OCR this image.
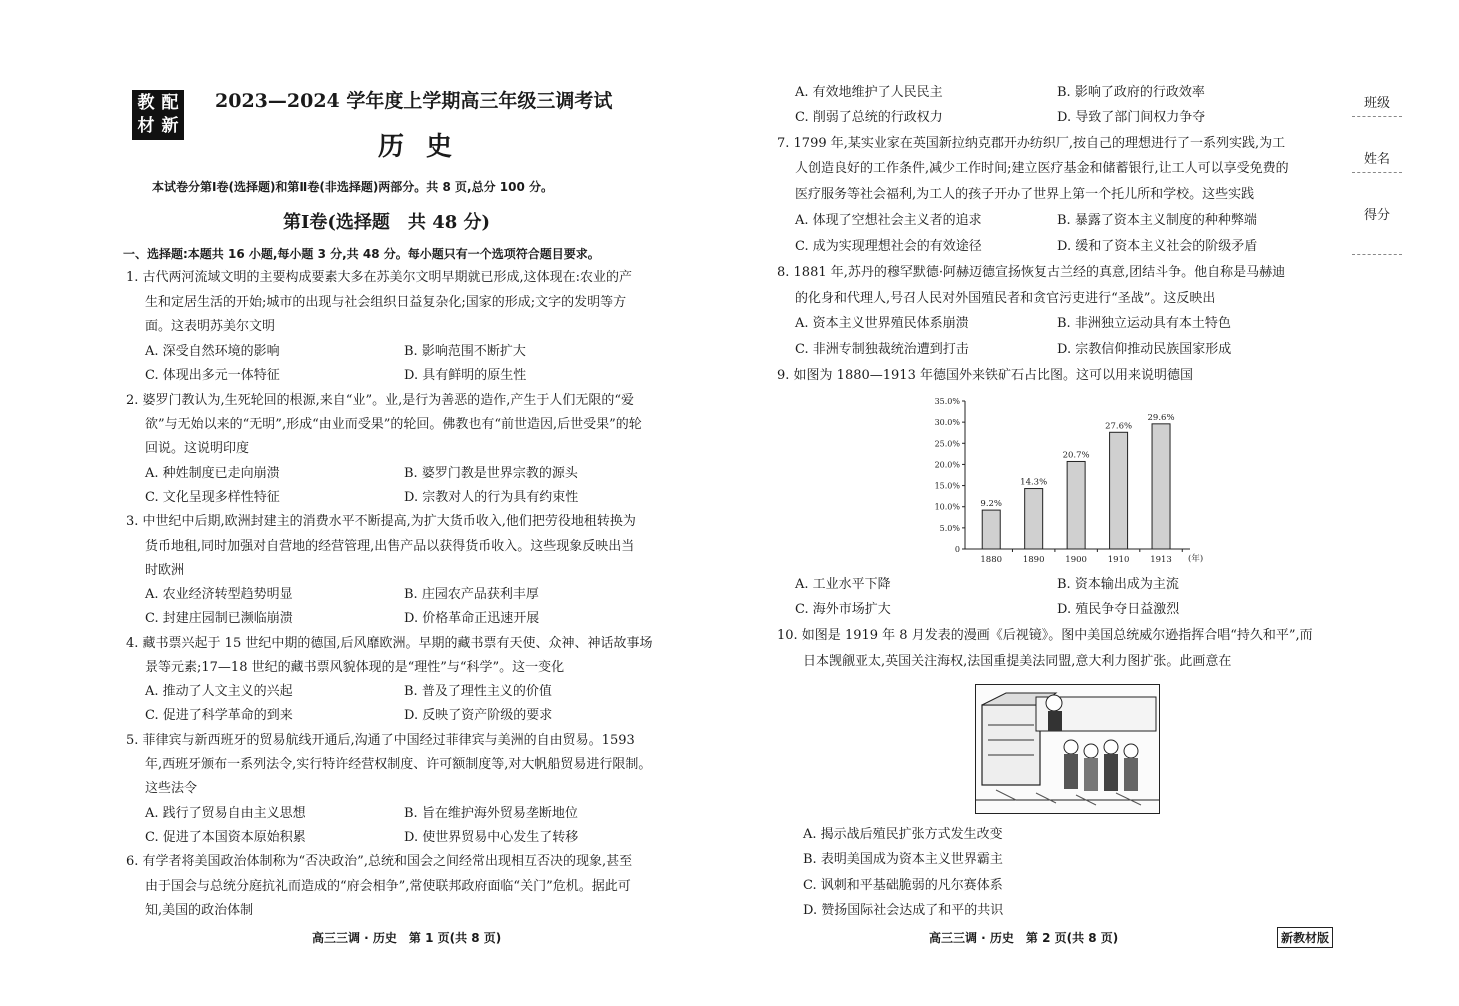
教 配
材 新
2023—2024 学年度上学期高三年级三调考试
历史
本试卷分第Ⅰ卷(选择题)和第Ⅱ卷(非选择题)两部分。共 8 页,总分 100 分。
第Ⅰ卷(选择题　共 48 分)
一、选择题:本题共 16 小题,每小题 3 分,共 48 分。每小题只有一个选项符合题目要求。
1. 古代两河流域文明的主要构成要素大多在苏美尔文明早期就已形成,这体现在:农业的产
生和定居生活的开始;城市的出现与社会组织日益复杂化;国家的形成;文字的发明等方
面。这表明苏美尔文明
A. 深受自然环境的影响	B. 影响范围不断扩大
C. 体现出多元一体特征	D. 具有鲜明的原生性
2. 婆罗门教认为,生死轮回的根源,来自“业”。业,是行为善恶的造作,产生于人们无限的“爱
欲”与无始以来的“无明”,形成“由业而受果”的轮回。佛教也有“前世造因,后世受果”的轮
回说。这说明印度
A. 种姓制度已走向崩溃	B. 婆罗门教是世界宗教的源头
C. 文化呈现多样性特征	D. 宗教对人的行为具有约束性
3. 中世纪中后期,欧洲封建主的消费水平不断提高,为扩大货币收入,他们把劳役地租转换为
货币地租,同时加强对自营地的经营管理,出售产品以获得货币收入。这些现象反映出当
时欧洲
A. 农业经济转型趋势明显	B. 庄园农产品获利丰厚
C. 封建庄园制已濒临崩溃	D. 价格革命正迅速开展
4. 藏书票兴起于 15 世纪中期的德国,后风靡欧洲。早期的藏书票有天使、众神、神话故事场
景等元素;17—18 世纪的藏书票风貌体现的是“理性”与“科学”。这一变化
A. 推动了人文主义的兴起	B. 普及了理性主义的价值
C. 促进了科学革命的到来	D. 反映了资产阶级的要求
5. 菲律宾与新西班牙的贸易航线开通后,沟通了中国经过菲律宾与美洲的自由贸易。1593
年,西班牙颁布一系列法令,实行特许经营权制度、许可额制度等,对大帆船贸易进行限制。
这些法令
A. 践行了贸易自由主义思想	B. 旨在维护海外贸易垄断地位
C. 促进了本国资本原始积累	D. 使世界贸易中心发生了转移
6. 有学者将美国政治体制称为“否决政治”,总统和国会之间经常出现相互否决的现象,甚至
由于国会与总统分庭抗礼而造成的“府会相争”,常使联邦政府面临“关门”危机。据此可
知,美国的政治体制
A. 有效地维护了人民民主	B. 影响了政府的行政效率
C. 削弱了总统的行政权力	D. 导致了部门间权力争夺
高三三调 · 历史　第 1 页(共 8 页)
7. 1799 年,某实业家在英国新拉纳克郡开办纺织厂,按自己的理想进行了一系列实践,为工
人创造良好的工作条件,减少工作时间;建立医疗基金和储蓄银行,让工人可以享受免费的
医疗服务等社会福利,为工人的孩子开办了世界上第一个托儿所和学校。这些实践
A. 体现了空想社会主义者的追求	B. 暴露了资本主义制度的种种弊端
C. 成为实现理想社会的有效途径	D. 缓和了资本主义社会的阶级矛盾
8. 1881 年,苏丹的穆罕默德·阿赫迈德宣扬恢复古兰经的真意,团结斗争。他自称是马赫迪
的化身和代理人,号召人民对外国殖民者和贪官污吏进行“圣战”。这反映出
A. 资本主义世界殖民体系崩溃	B. 非洲独立运动具有本土特色
C. 非洲专制独裁统治遭到打击	D. 宗教信仰推动民族国家形成
9. 如图为 1880—1913 年德国外来铁矿石占比图。这可以用来说明德国
0
5.0%
10.0%
15.0%
20.0%
25.0%
30.0%
35.0%
9.2%
1880
14.3%
1890
20.7%
1900
27.6%
1910
29.6%
1913 (年)
A. 工业水平下降	B. 资本输出成为主流
C. 海外市场扩大	D. 殖民争夺日益激烈
10. 如图是 1919 年 8 月发表的漫画《后视镜》。图中美国总统威尔逊指挥合唱“持久和平”,而
日本觊觎亚太,英国关注海权,法国重提美法同盟,意大利力图扩张。此画意在
A. 揭示战后殖民扩张方式发生改变
B. 表明美国成为资本主义世界霸主
C. 讽刺和平基础脆弱的凡尔赛体系
D. 赞扬国际社会达成了和平的共识
高三三调 · 历史　第 2 页(共 8 页)	新教材版
班级
姓名
得分
